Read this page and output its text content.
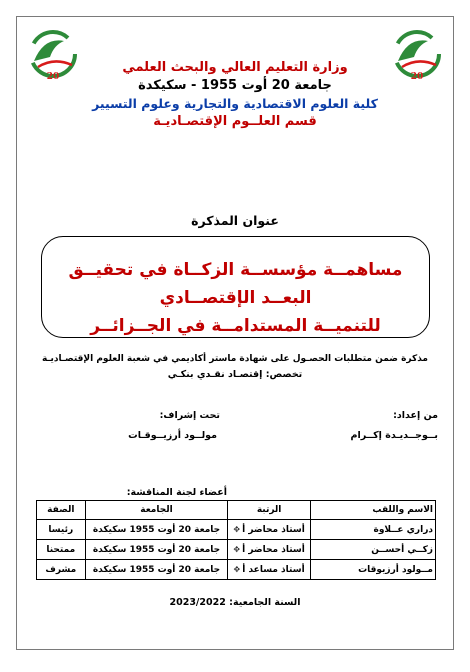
20
20
وزارة التعليم العالي والبحث العلمي
جامعة 20 أوت 1955 - سكيكدة
كلية العلوم الاقتصادية والتجارية وعلوم التسيير
قسم العلــوم الإقتصـاديـة
عنوان المذكرة
مساهمــة مؤسســة الزكــاة في تحقيــق البعــد الإقتصــادي
للتنميــة المستدامــة في الجــزائــر
مذكرة ضمن متطلبات الحصـول على شهادة ماستر أكاديمي في شعبة العلوم الإقتصـاديـة
تخصص: إقتصـاد نقـدي بنكـي
من إعداد:
بــوجــديـدة إكــرام
تحت إشراف:
مولــود أرزيــوقـات
أعضاء لجنة المناقشة:
الاسم واللقب	الرتبة	الجامعة	الصفة
دراري عــلاوة	أستاذ محاضر أ✥	جامعة 20 أوت 1955 سكيكدة	رئيسا
زكــي أحســن	أستاذ محاضر أ✥	جامعة 20 أوت 1955 سكيكدة	ممتحنا
مــولود أرزيوقات	أستاذ مساعد أ✥	جامعة 20 أوت 1955 سكيكدة	مشرف
السنة الجامعية: 2023/2022
